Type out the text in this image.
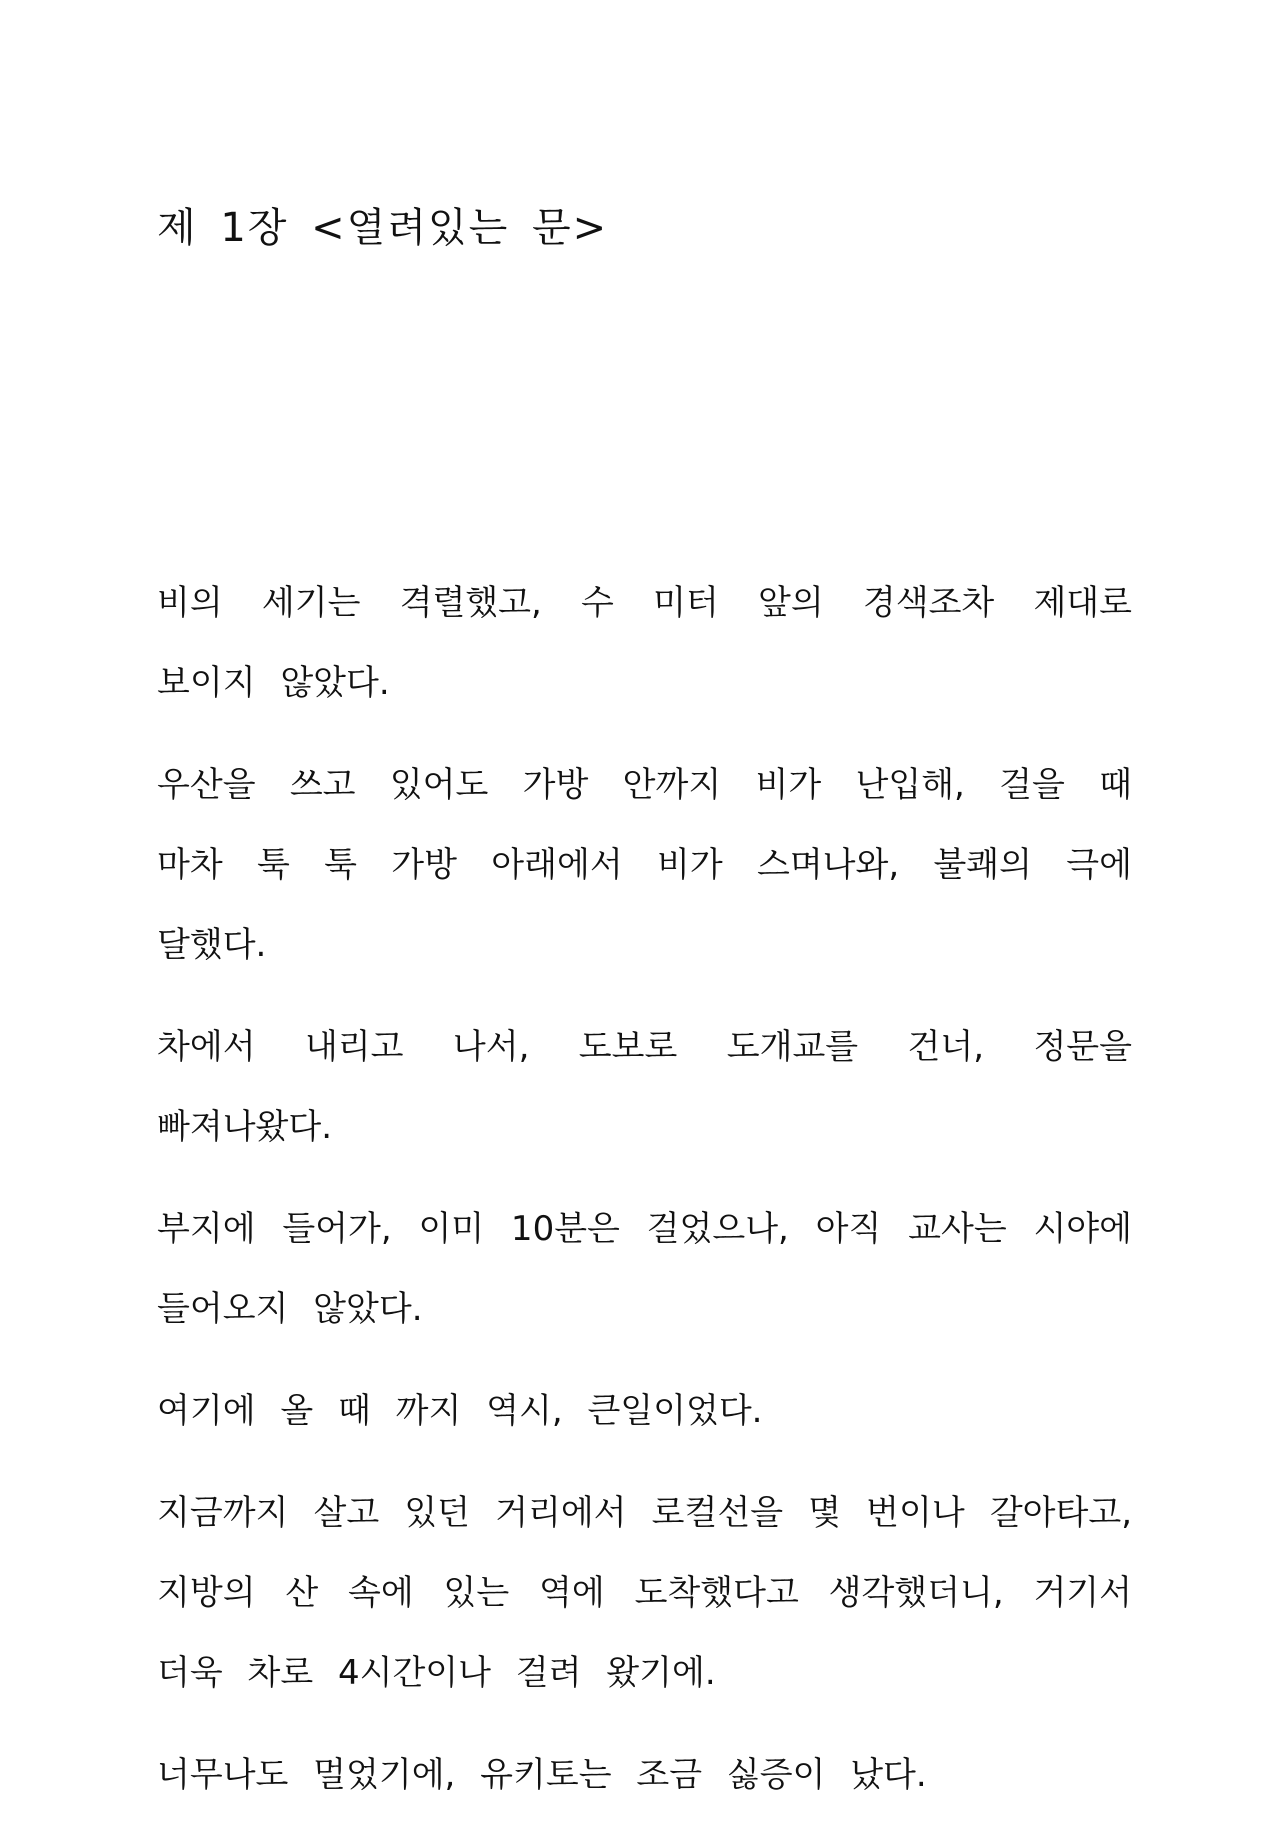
제 1장 <열려있는 문>

비의 세기는 격렬했고, 수 미터 앞의 경색조차 제대로 보이지 않았다.

우산을 쓰고 있어도 가방 안까지 비가 난입해, 걸을 때 마차 툭 툭 가방 아래에서 비가 스며나와, 불쾌의 극에 달했다.

차에서 내리고 나서, 도보로 도개교를 건너, 정문을 빠져나왔다.

부지에 들어가, 이미 10분은 걸었으나, 아직 교사는 시야에 들어오지 않았다.

여기에 올 때 까지 역시, 큰일이었다.

지금까지 살고 있던 거리에서 로컬선을 몇 번이나 갈아타고, 지방의 산 속에 있는 역에 도착했다고 생각했더니, 거기서 더욱 차로 4시간이나 걸려 왔기에.

너무나도 멀었기에, 유키토는 조금 싫증이 났다.
